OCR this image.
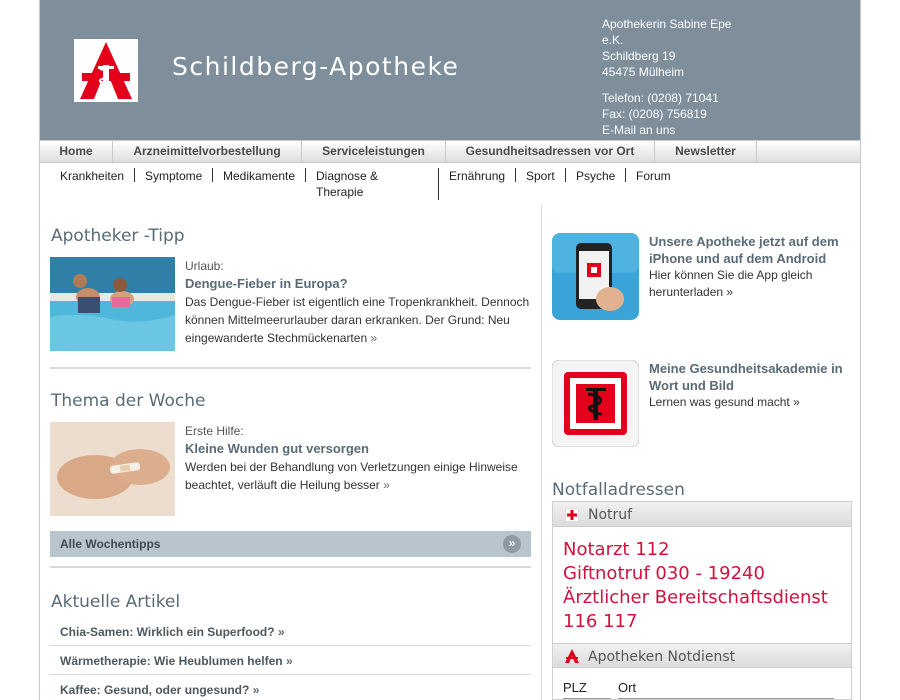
Schildberg-Apotheke
Apothekerin Sabine Epe
e.K.
Schildberg 19
45475 Mülheim
Telefon: (0208) 71041
Fax: (0208) 756819
E-Mail an uns
Home	Arzneimittelvorbestellung	Serviceleistungen	Gesundheitsadressen vor Ort	Newsletter
Krankheiten Symptome Medikamente Diagnose &
Therapie
Ernährung Sport Psyche Forum
Apotheker -Tipp
Urlaub:
Dengue-Fieber in Europa?
Das Dengue-Fieber ist eigentlich eine Tropenkrankheit. Dennoch können Mittelmeerurlauber daran erkranken. Der Grund: Neu eingewanderte Stechmückenarten »
Thema der Woche
Erste Hilfe:
Kleine Wunden gut versorgen
Werden bei der Behandlung von Verletzungen einige Hinweise beachtet, verläuft die Heilung besser »
Alle Wochentipps	»
Aktuelle Artikel
Chia-Samen: Wirklich ein Superfood? »
Wärmetherapie: Wie Heublumen helfen »
Kaffee: Gesund, oder ungesund? »
Unsere Apotheke jetzt auf dem iPhone und auf dem Android
Hier können Sie die App gleich herunterladen »
Meine Gesundheitsakademie in Wort und Bild
Lernen was gesund macht »
Notfalladressen
Notruf
Notarzt 112
Giftnotruf 030 - 19240
Ärztlicher Bereitschaftsdienst
116 117
Apotheken Notdienst
PLZ Ort
